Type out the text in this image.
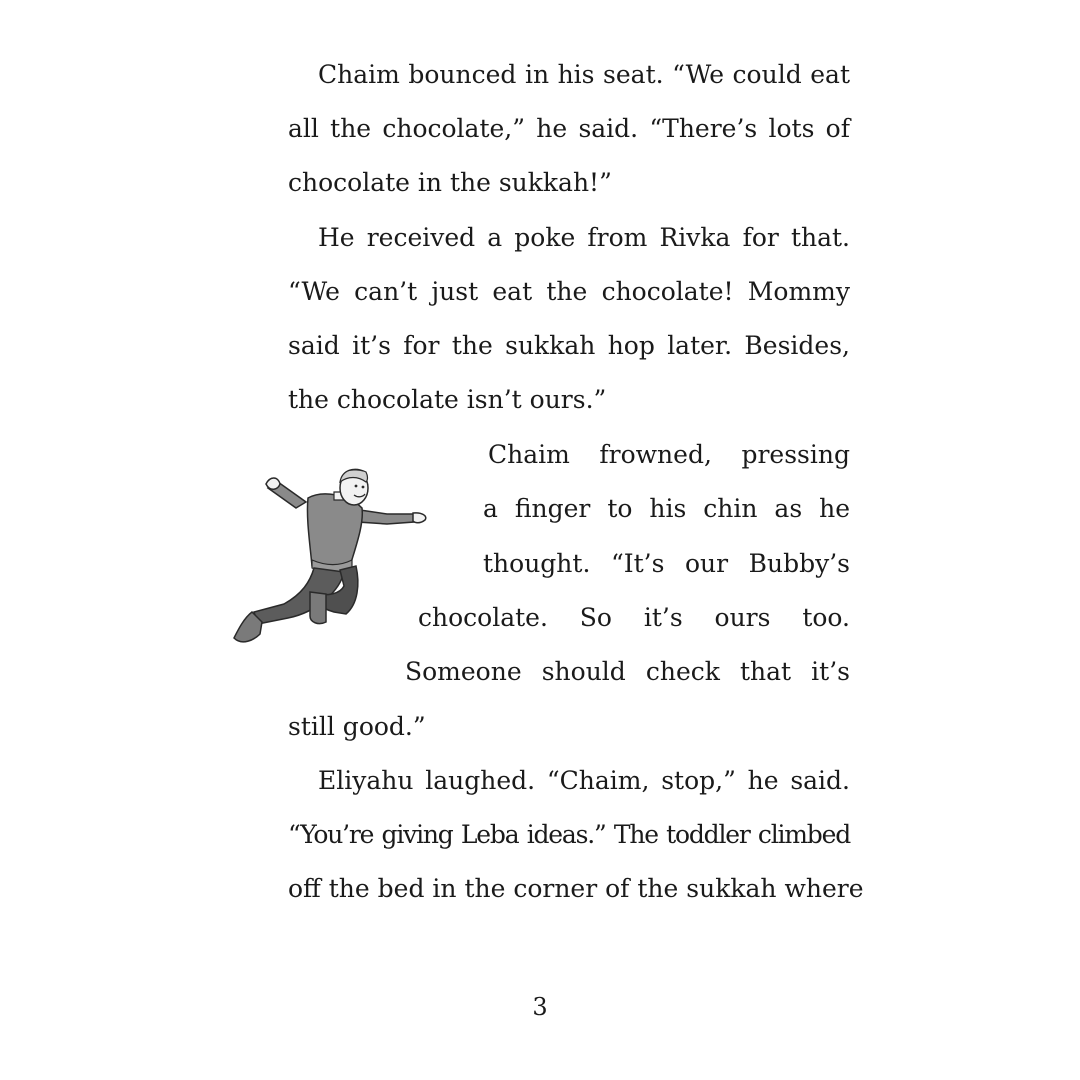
Chaim bounced in his seat. “We could eat
all the chocolate,” he said. “There’s lots of
chocolate in the sukkah!”
He received a poke from Rivka for that.
“We can’t just eat the chocolate! Mommy
said it’s for the sukkah hop later. Besides,
the chocolate isn’t ours.”
Chaim frowned, pressing
a finger to his chin as he
thought. “It’s our Bubby’s
chocolate. So it’s ours too.
Someone should check that it’s
still good.”
Eliyahu laughed. “Chaim, stop,” he said.
“You’re giving Leba ideas.” The toddler climbed
off the bed in the corner of the sukkah where
3
